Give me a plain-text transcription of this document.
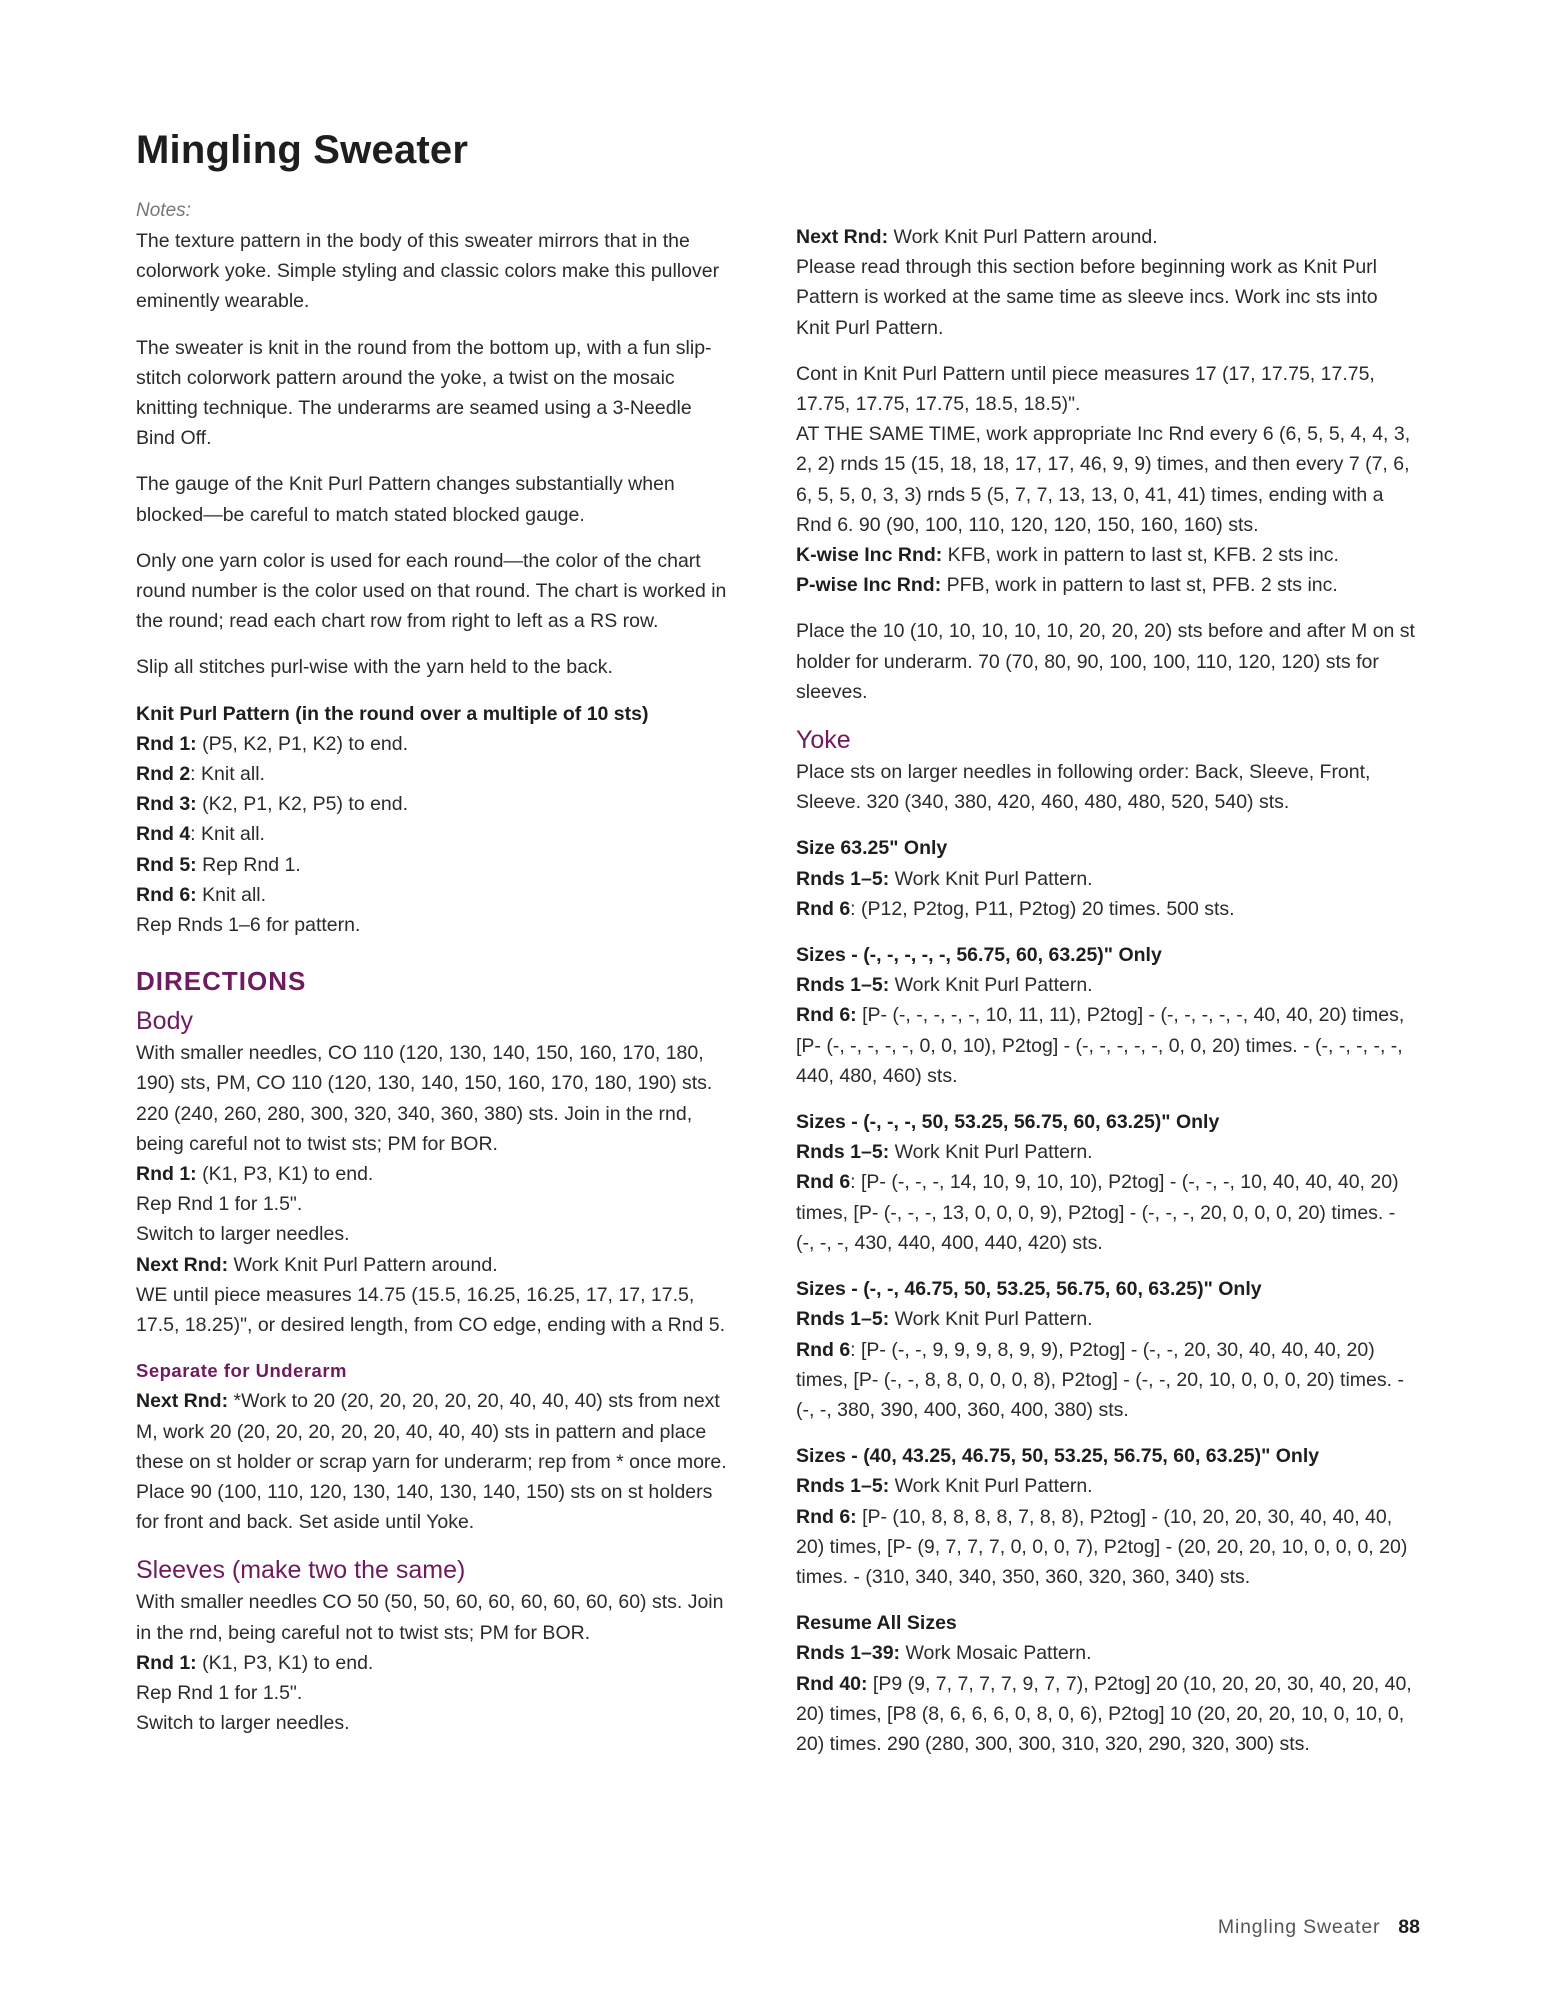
Mingling Sweater
Notes:

The texture pattern in the body of this sweater mirrors that in the colorwork yoke. Simple styling and classic colors make this pullover eminently wearable.

The sweater is knit in the round from the bottom up, with a fun slip-stitch colorwork pattern around the yoke, a twist on the mosaic knitting technique. The underarms are seamed using a 3-Needle Bind Off.

The gauge of the Knit Purl Pattern changes substantially when blocked—be careful to match stated blocked gauge.

Only one yarn color is used for each round—the color of the chart round number is the color used on that round. The chart is worked in the round; read each chart row from right to left as a RS row.

Slip all stitches purl-wise with the yarn held to the back.

Knit Purl Pattern (in the round over a multiple of 10 sts)
Rnd 1: (P5, K2, P1, K2) to end.
Rnd 2: Knit all.
Rnd 3: (K2, P1, K2, P5) to end.
Rnd 4: Knit all.
Rnd 5: Rep Rnd 1.
Rnd 6: Knit all.
Rep Rnds 1–6 for pattern.
DIRECTIONS
Body
With smaller needles, CO 110 (120, 130, 140, 150, 160, 170, 180, 190) sts, PM, CO 110 (120, 130, 140, 150, 160, 170, 180, 190) sts. 220 (240, 260, 280, 300, 320, 340, 360, 380) sts. Join in the rnd, being careful not to twist sts; PM for BOR.
Rnd 1: (K1, P3, K1) to end.
Rep Rnd 1 for 1.5".
Switch to larger needles.
Next Rnd: Work Knit Purl Pattern around.
WE until piece measures 14.75 (15.5, 16.25, 16.25, 17, 17, 17.5, 17.5, 18.25)", or desired length, from CO edge, ending with a Rnd 5.
Separate for Underarm
Next Rnd: *Work to 20 (20, 20, 20, 20, 20, 40, 40, 40) sts from next M, work 20 (20, 20, 20, 20, 20, 40, 40, 40) sts in pattern and place these on st holder or scrap yarn for underarm; rep from * once more.
Place 90 (100, 110, 120, 130, 140, 130, 140, 150) sts on st holders for front and back. Set aside until Yoke.
Sleeves (make two the same)
With smaller needles CO 50 (50, 50, 60, 60, 60, 60, 60, 60) sts. Join in the rnd, being careful not to twist sts; PM for BOR.
Rnd 1: (K1, P3, K1) to end.
Rep Rnd 1 for 1.5".
Switch to larger needles.
Next Rnd: Work Knit Purl Pattern around.

Please read through this section before beginning work as Knit Purl Pattern is worked at the same time as sleeve incs. Work inc sts into Knit Purl Pattern.

Cont in Knit Purl Pattern until piece measures 17 (17, 17.75, 17.75, 17.75, 17.75, 17.75, 18.5, 18.5)".
AT THE SAME TIME, work appropriate Inc Rnd every 6 (6, 5, 5, 4, 4, 3, 2, 2) rnds 15 (15, 18, 18, 17, 17, 46, 9, 9) times, and then every 7 (7, 6, 6, 5, 5, 0, 3, 3) rnds 5 (5, 7, 7, 13, 13, 0, 41, 41) times, ending with a Rnd 6. 90 (90, 100, 110, 120, 120, 150, 160, 160) sts.
K-wise Inc Rnd: KFB, work in pattern to last st, KFB. 2 sts inc.
P-wise Inc Rnd: PFB, work in pattern to last st, PFB. 2 sts inc.

Place the 10 (10, 10, 10, 10, 10, 20, 20, 20) sts before and after M on st holder for underarm. 70 (70, 80, 90, 100, 100, 110, 120, 120) sts for sleeves.

Yoke
Place sts on larger needles in following order: Back, Sleeve, Front, Sleeve. 320 (340, 380, 420, 460, 480, 480, 520, 540) sts.
Size 63.25" Only
Rnds 1–5: Work Knit Purl Pattern.
Rnd 6: (P12, P2tog, P11, P2tog) 20 times. 500 sts.
Sizes - (-, -, -, -, -, 56.75, 60, 63.25)" Only
Rnds 1–5: Work Knit Purl Pattern.
Rnd 6: [P- (-, -, -, -, -, 10, 11, 11), P2tog] - (-, -, -, -, -, 40, 40, 20) times, [P- (-, -, -, -, -, 0, 0, 10), P2tog] - (-, -, -, -, -, 0, 0, 20) times. - (-, -, -, -, -, 440, 480, 460) sts.
Sizes - (-, -, -, 50, 53.25, 56.75, 60, 63.25)" Only
Rnds 1–5: Work Knit Purl Pattern.
Rnd 6: [P- (-, -, -, 14, 10, 9, 10, 10), P2tog] - (-, -, -, 10, 40, 40, 40, 20) times, [P- (-, -, -, 13, 0, 0, 0, 9), P2tog] - (-, -, -, 20, 0, 0, 0, 20) times. - (-, -, -, 430, 440, 400, 440, 420) sts.
Sizes - (-, -, 46.75, 50, 53.25, 56.75, 60, 63.25)" Only
Rnds 1–5: Work Knit Purl Pattern.
Rnd 6: [P- (-, -, 9, 9, 9, 8, 9, 9), P2tog] - (-, -, 20, 30, 40, 40, 40, 20) times, [P- (-, -, 8, 8, 0, 0, 0, 8), P2tog] - (-, -, 20, 10, 0, 0, 0, 20) times. - (-, -, 380, 390, 400, 360, 400, 380) sts.
Sizes - (40, 43.25, 46.75, 50, 53.25, 56.75, 60, 63.25)" Only
Rnds 1–5: Work Knit Purl Pattern.
Rnd 6: [P- (10, 8, 8, 8, 8, 7, 8, 8), P2tog] - (10, 20, 20, 30, 40, 40, 40, 20) times, [P- (9, 7, 7, 7, 0, 0, 0, 7), P2tog] - (20, 20, 20, 10, 0, 0, 0, 20) times. - (310, 340, 340, 350, 360, 320, 360, 340) sts.
Resume All Sizes
Rnds 1–39: Work Mosaic Pattern.
Rnd 40: [P9 (9, 7, 7, 7, 7, 9, 7, 7), P2tog] 20 (10, 20, 20, 30, 40, 20, 40, 20) times, [P8 (8, 6, 6, 6, 0, 8, 0, 6), P2tog] 10 (20, 20, 20, 10, 0, 10, 0, 20) times. 290 (280, 300, 300, 310, 320, 290, 320, 300) sts.
Mingling Sweater 88
